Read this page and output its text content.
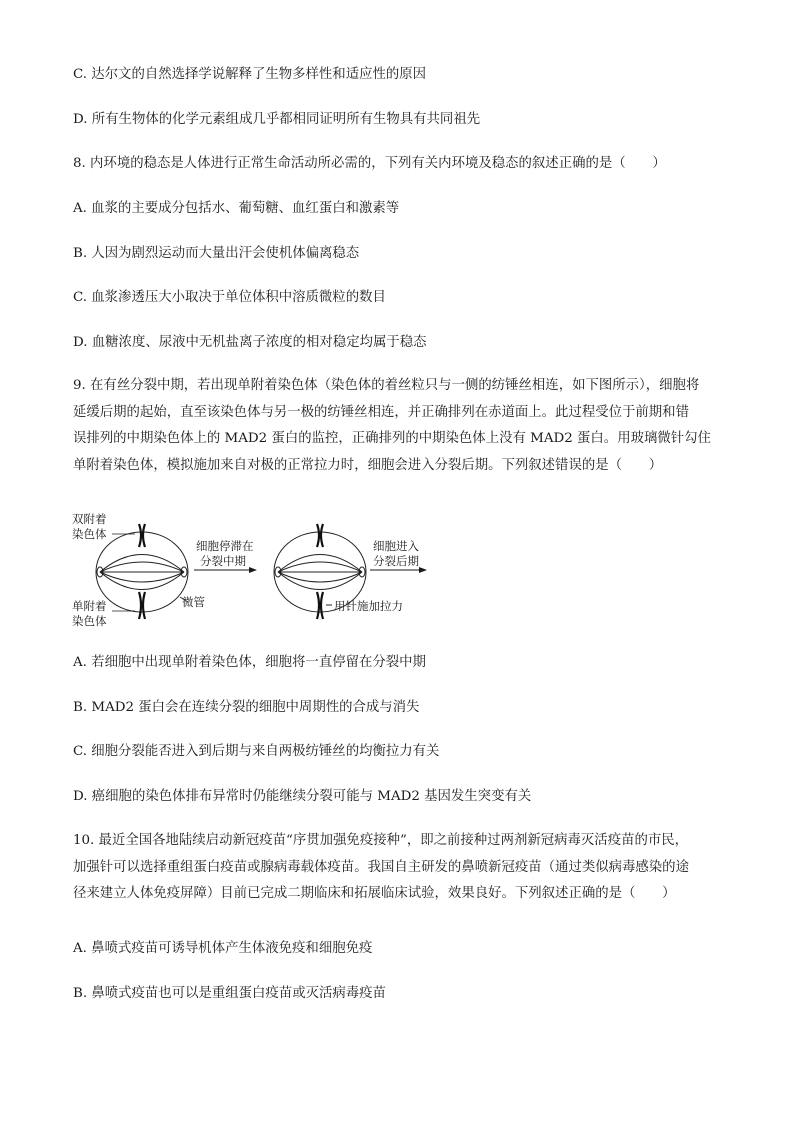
C. 达尔文的自然选择学说解释了生物多样性和适应性的原因
D. 所有生物体的化学元素组成几乎都相同证明所有生物具有共同祖先
8. 内环境的稳态是人体进行正常生命活动所必需的，下列有关内环境及稳态的叙述正确的是（　　）
A. 血浆的主要成分包括水、葡萄糖、血红蛋白和激素等
B. 人因为剧烈运动而大量出汗会使机体偏离稳态
C. 血浆渗透压大小取决于单位体积中溶质微粒的数目
D. 血糖浓度、尿液中无机盐离子浓度的相对稳定均属于稳态
9. 在有丝分裂中期，若出现单附着染色体（染色体的着丝粒只与一侧的纺锤丝相连，如下图所示），细胞将
延缓后期的起始，直至该染色体与另一极的纺锤丝相连，并正确排列在赤道面上。此过程受位于前期和错
误排列的中期染色体上的 MAD2 蛋白的监控，正确排列的中期染色体上没有 MAD2 蛋白。用玻璃微针勾住
单附着染色体，模拟施加来自对极的正常拉力时，细胞会进入分裂后期。下列叙述错误的是（　　）
双附着
染色体
单附着
染色体
微管
细胞停滞在
分裂中期
细胞进入
分裂后期
用针施加拉力
A. 若细胞中出现单附着染色体，细胞将一直停留在分裂中期
B. MAD2 蛋白会在连续分裂的细胞中周期性的合成与消失
C. 细胞分裂能否进入到后期与来自两极纺锤丝的均衡拉力有关
D. 癌细胞的染色体排布异常时仍能继续分裂可能与 MAD2 基因发生突变有关
10. 最近全国各地陆续启动新冠疫苗“序贯加强免疫接种”，即之前接种过两剂新冠病毒灭活疫苗的市民，
加强针可以选择重组蛋白疫苗或腺病毒载体疫苗。我国自主研发的鼻喷新冠疫苗（通过类似病毒感染的途
径来建立人体免疫屏障）目前已完成二期临床和拓展临床试验，效果良好。下列叙述正确的是（　　）
A. 鼻喷式疫苗可诱导机体产生体液免疫和细胞免疫
B. 鼻喷式疫苗也可以是重组蛋白疫苗或灭活病毒疫苗
